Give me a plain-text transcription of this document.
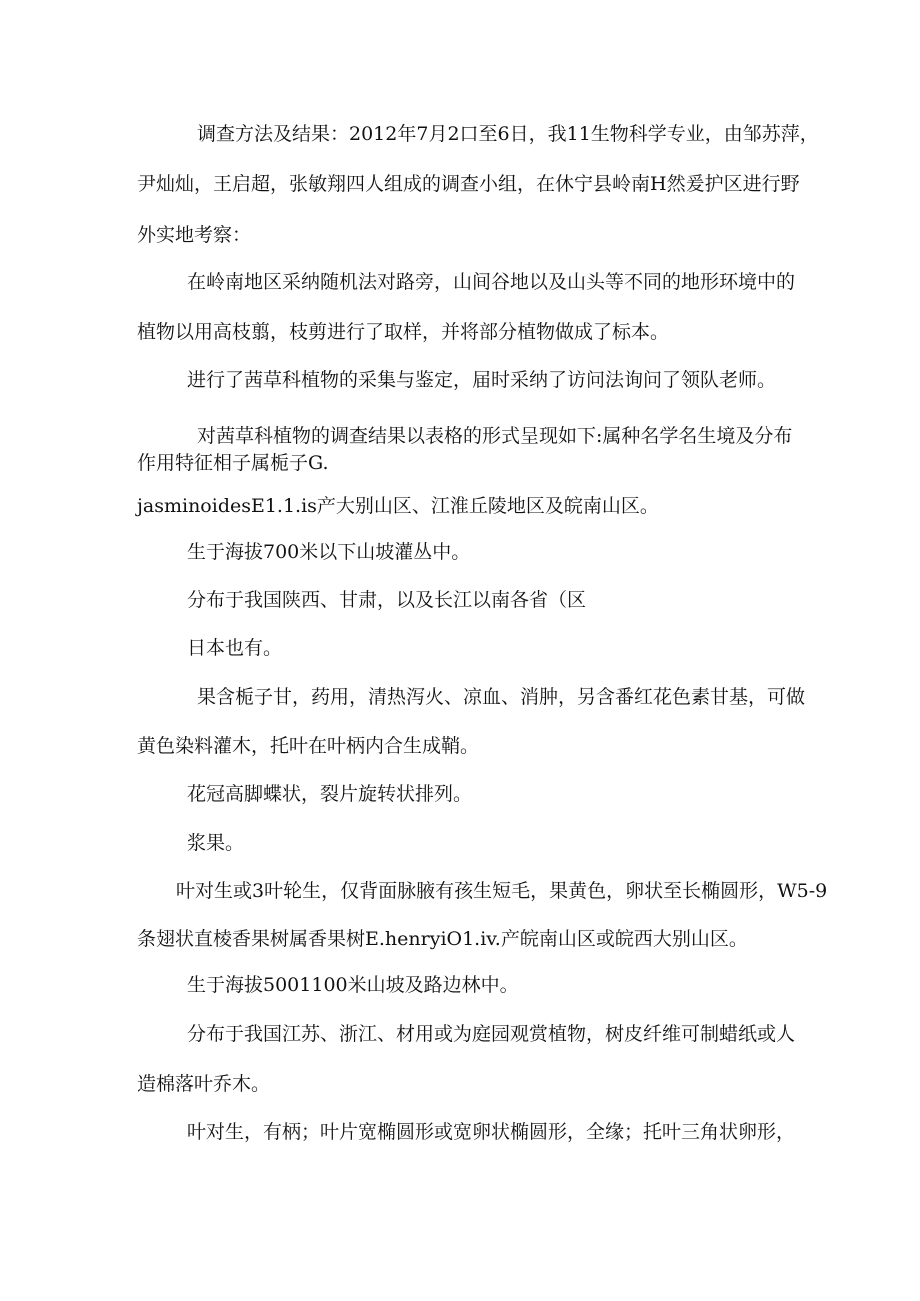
调查方法及结果：2012年7月2口至6日，我11生物科学专业，由邹苏萍，

尹灿灿，王启超，张敏翔四人组成的调查小组，在休宁县岭南H然爰护区进行野

外实地考察：

在岭南地区采纳随机法对路旁，山间谷地以及山头等不同的地形环境中的

植物以用高枝翦，枝剪进行了取样，并将部分植物做成了标本。

进行了茜草科植物的采集与鉴定，届时采纳了访问法询问了领队老师。

对茜草科植物的调查结果以表格的形式呈现如下:属种名学名生境及分布

作用特征相子属栀子G.

jasminoidesE1.1.is产大别山区、江淮丘陵地区及皖南山区。

生于海拔700米以下山坡灌丛中。

分布于我国陕西、甘肃，以及长江以南各省（区

日本也有。

果含栀子甘，药用，清热泻火、凉血、消肿，另含番红花色素甘基，可做

黄色染料灌木，托叶在叶柄内合生成鞘。

花冠高脚蝶状，裂片旋转状排列。

浆果。

叶对生或3叶轮生，仅背面脉腋有孩生短毛，果黄色，卵状至长椭圆形，W5-9

条翅状直棱香果树属香果树E.henryiO1.iv.产皖南山区或皖西大别山区。

生于海拔5001100米山坡及路边林中。

分布于我国江苏、浙江、材用或为庭园观赏植物，树皮纤维可制蜡纸或人

造棉落叶乔木。

叶对生，有柄；叶片宽椭圆形或宽卵状椭圆形，全缘；托叶三角状卵形，
